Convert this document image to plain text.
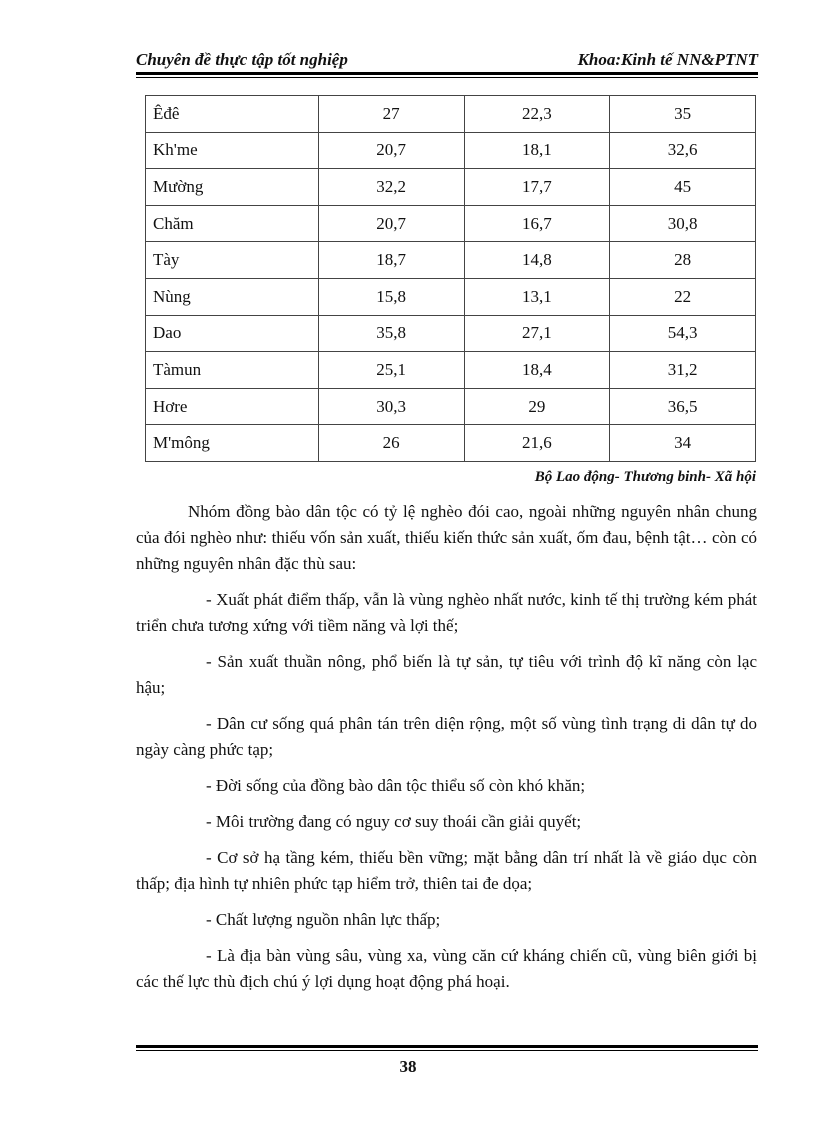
Chuyên đề thực tập tốt nghiệp	Khoa:Kinh tế NN&PTNT
Êđê	27	22,3	35
Kh'me	20,7	18,1	32,6
Mường	32,2	17,7	45
Chăm	20,7	16,7	30,8
Tày	18,7	14,8	28
Nùng	15,8	13,1	22
Dao	35,8	27,1	54,3
Tàmun	25,1	18,4	31,2
Hơre	30,3	29	36,5
M'mông	26	21,6	34
Bộ Lao động- Thương binh- Xã hội

Nhóm đồng bào dân tộc có tỷ lệ nghèo đói cao, ngoài những nguyên nhân chung của đói nghèo như: thiếu vốn sản xuất, thiếu kiến thức sản xuất, ốm đau, bệnh tật… còn có những nguyên nhân đặc thù sau:

- Xuất phát điểm thấp, vẫn là vùng nghèo nhất nước, kinh tế thị trường kém phát triển chưa tương xứng với tiềm năng và lợi thế;

- Sản xuất thuần nông, phổ biến là tự sản, tự tiêu với trình độ kĩ năng còn lạc hậu;

- Dân cư sống quá phân tán trên diện rộng, một số vùng tình trạng di dân tự do ngày càng phức tạp;

- Đời sống của đồng bào dân tộc thiểu số còn khó khăn;

- Môi trường đang có nguy cơ suy thoái cần giải quyết;

- Cơ sở hạ tầng kém, thiếu bền vững; mặt bằng dân trí nhất là về giáo dục còn thấp; địa hình tự nhiên phức tạp hiểm trở, thiên tai đe dọa;

- Chất lượng nguồn nhân lực thấp;

- Là địa bàn vùng sâu, vùng xa, vùng căn cứ kháng chiến cũ, vùng biên giới bị các thế lực thù địch chú ý lợi dụng hoạt động phá hoại.

38
